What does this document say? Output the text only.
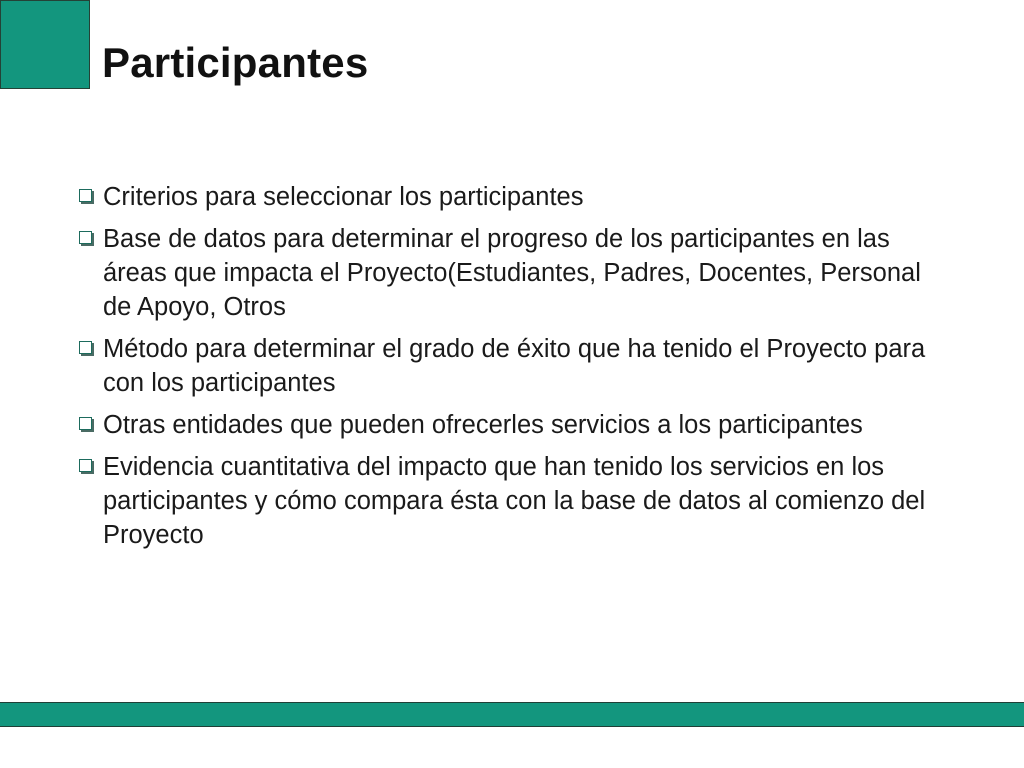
Participantes
Criterios para seleccionar los participantes
Base de datos para determinar el progreso de los participantes en las áreas que impacta el Proyecto(Estudiantes, Padres, Docentes, Personal de Apoyo, Otros
Método para determinar el grado de éxito que ha tenido el Proyecto para con los participantes
Otras entidades que pueden ofrecerles servicios a los participantes
Evidencia cuantitativa del impacto que han tenido los servicios en los participantes y cómo compara ésta con la base de datos al comienzo del Proyecto
